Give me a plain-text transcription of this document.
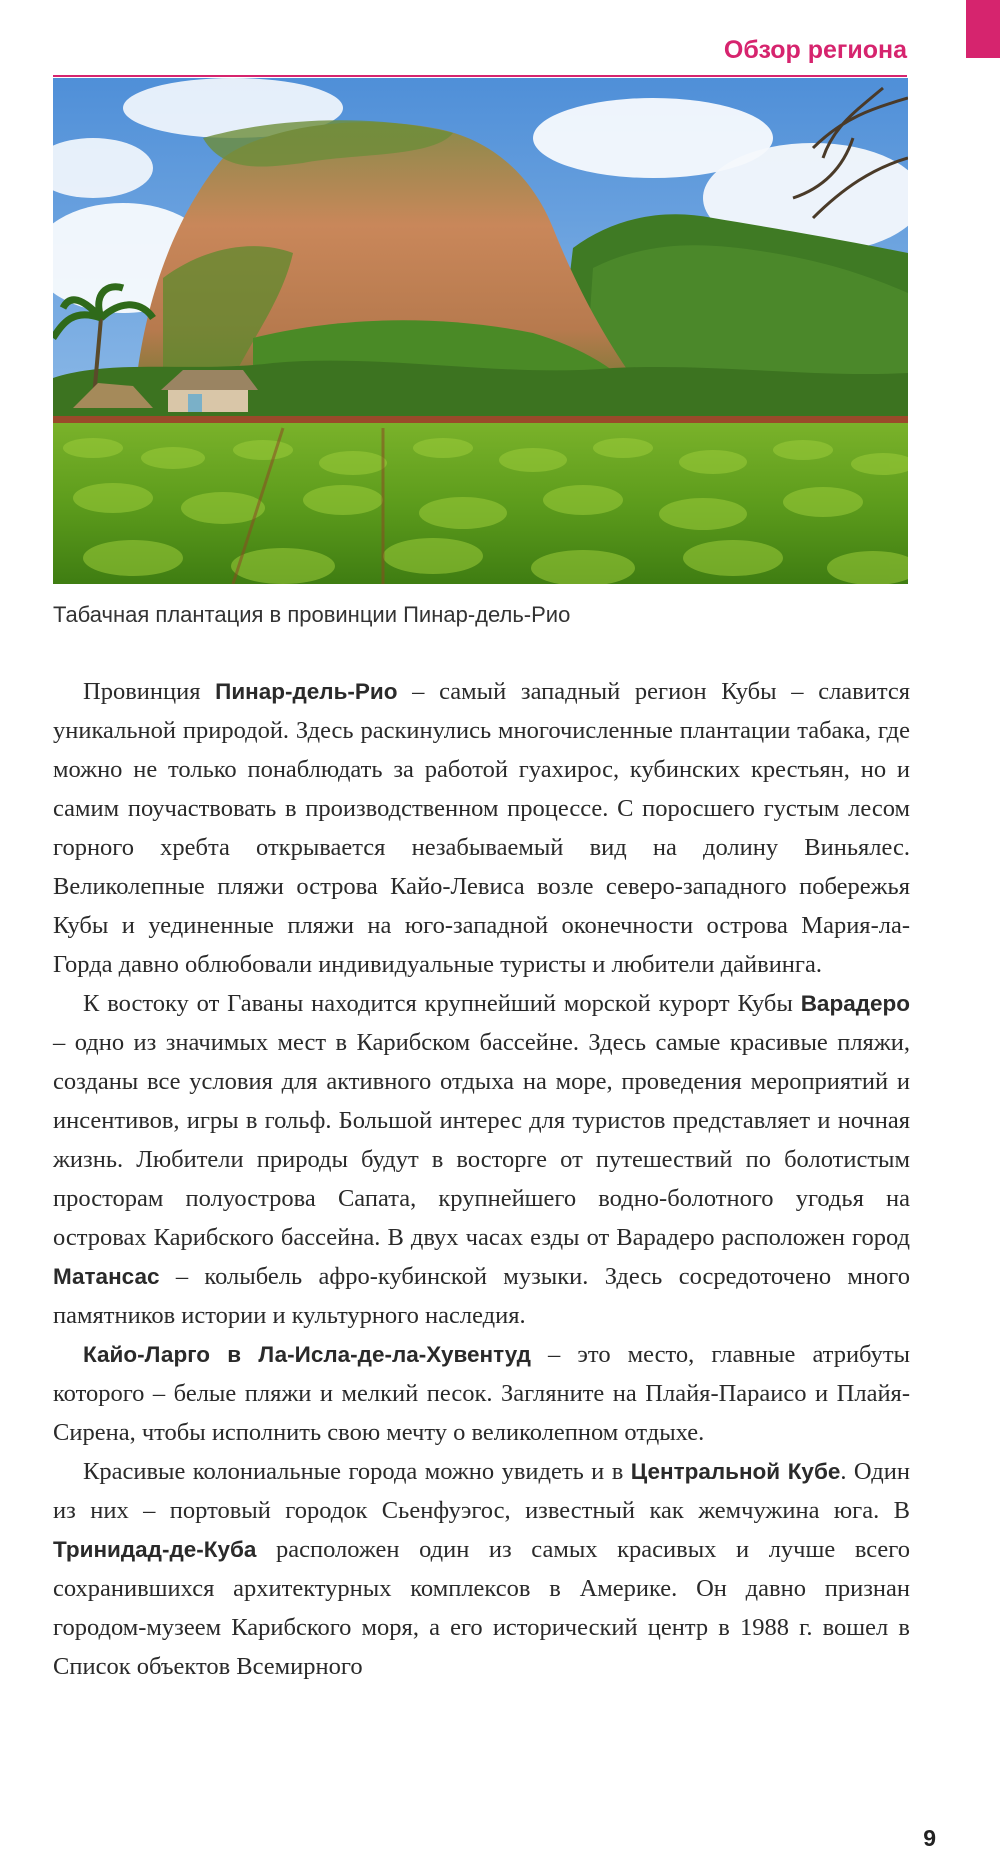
Обзор региона
Табачная плантация в провинции Пинар-дель-Рио

Провинция Пинар-дель-Рио – самый западный регион Кубы – славится уникальной природой. Здесь раскинулись многочисленные плантации табака, где можно не только понаблюдать за работой гуахирос, кубинских крестьян, но и самим поучаствовать в производственном процессе. С поросшего густым лесом горного хребта открывается незабываемый вид на долину Виньялес. Великолепные пляжи острова Кайо-Левиса возле северо-западного побережья Кубы и уединенные пляжи на юго-западной оконечности острова Мария-ла-Горда давно облюбовали индивидуальные туристы и любители дайвинга.

К востоку от Гаваны находится крупнейший морской курорт Кубы Варадеро – одно из значимых мест в Карибском бассейне. Здесь самые красивые пляжи, созданы все условия для активного отдыха на море, проведения мероприятий и инсентивов, игры в гольф. Большой интерес для туристов представляет и ночная жизнь. Любители природы будут в восторге от путешествий по болотистым просторам полуострова Сапата, крупнейшего водно-болотного угодья на островах Карибского бассейна. В двух часах езды от Варадеро расположен город Матансас – колыбель афро-кубинской музыки. Здесь сосредоточено много памятников истории и культурного наследия.

Кайо-Ларго в Ла-Исла-де-ла-Хувентуд – это место, главные атрибуты которого – белые пляжи и мелкий песок. Загляните на Плайя-Параисо и Плайя-Сирена, чтобы исполнить свою мечту о великолепном отдыхе.

Красивые колониальные города можно увидеть и в Центральной Кубе. Один из них – портовый городок Сьенфуэгос, известный как жемчужина юга. В Тринидад-де-Куба расположен один из самых красивых и лучше всего сохранившихся архитектурных комплексов в Америке. Он давно признан городом-музеем Карибского моря, а его исторический центр в 1988 г. вошел в Список объектов Всемирного

9
